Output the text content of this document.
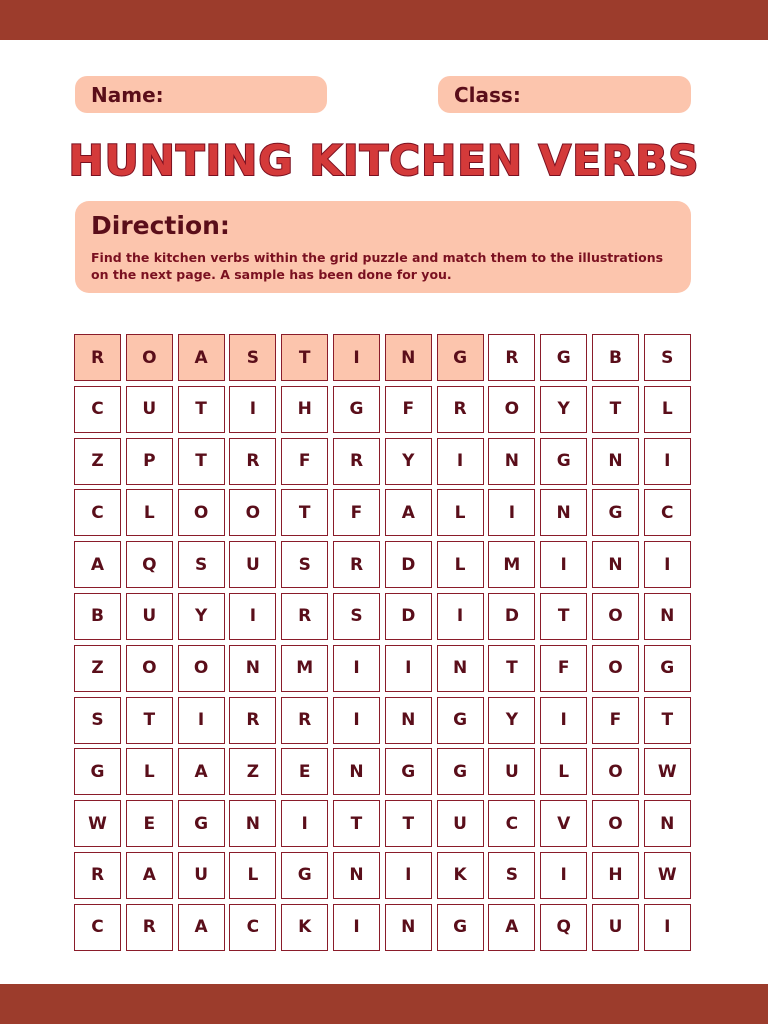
Name:	Class:
HUNTING KITCHEN VERBS
Direction:
Find the kitchen verbs within the grid puzzle and match them to the illustrations on the next page. A sample has been done for you.
R	O	A	S	T	I	N	G	R	G	B	S
C	U	T	I	H	G	F	R	O	Y	T	L
Z	P	T	R	F	R	Y	I	N	G	N	I
C	L	O	O	T	F	A	L	I	N	G	C
A	Q	S	U	S	R	D	L	M	I	N	I
B	U	Y	I	R	S	D	I	D	T	O	N
Z	O	O	N	M	I	I	N	T	F	O	G
S	T	I	R	R	I	N	G	Y	I	F	T
G	L	A	Z	E	N	G	G	U	L	O	W
W	E	G	N	I	T	T	U	C	V	O	N
R	A	U	L	G	N	I	K	S	I	H	W
C	R	A	C	K	I	N	G	A	Q	U	I
